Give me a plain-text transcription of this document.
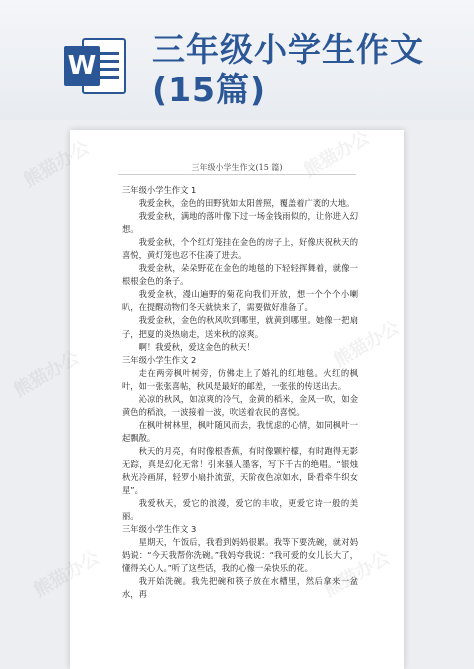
W 三年级小学生作文(15篇)
三年级小学生作文(15 篇)

三年级小学生作文 1

我爱金秋，金色的田野犹如太阳普照，覆盖着广袤的大地。

我爱金秋，满地的落叶像下过一场金钱雨似的，让你进入幻想。

我爱金秋，个个红灯笼挂在金色的房子上，好像庆祝秋天的喜悦，黄灯笼也忍不住凑了进去。

我爱金秋，朵朵野花在金色的地毯的下轻轻挥舞着，就像一根根金色的条子。

我爱金秋，漫山遍野的菊花向我们开放，想一个个个小喇叭，在提醒动物们冬天就快来了，需要做好准备了。

我爱金秋，金色的秋风吹到哪里，就黄到哪里。她像一把扇子，把夏的炎热扇走，送来秋的凉爽。

啊！我爱秋，爱这金色的秋天！

三年级小学生作文 2

走在两旁枫叶树旁，仿佛走上了婚礼的红地毯。火红的枫叶，如一张张喜帖，秋风是最好的邮差，一张张的传送出去。

沁凉的秋风，如凉爽的冷气，金黄的稻米，金风一吹，如金黄色的稻浪，一波接着一波，吹送着农民的喜悦。

在枫叶树林里，枫叶随风而去，我忧虑的心情，如同枫叶一起飘散。

秋天的月亮，有时像根香蕉，有时像颗柠檬，有时跑得无影无踪，真是幻化无常！引来骚人墨客，写下千古的绝唱。“银烛秋光冷画屏，轻罗小扇扑流萤，天阶夜色凉如水，卧看牵牛织女星”。

我爱秋天，爱它的浪漫，爱它的丰收，更爱它诗一般的美丽。

三年级小学生作文 3

星期天，午饭后，我看到妈妈很累。我等下要洗碗，就对妈妈说：“今天我帮你洗碗。”我妈夸我说：“我可爱的女儿长大了，懂得关心人。”听了这些话，我的心像一朵快乐的花。

我开始洗碗。我先把碗和筷子放在水槽里，然后拿来一盆水，再

熊猫办公
熊猫办公
熊猫办公
